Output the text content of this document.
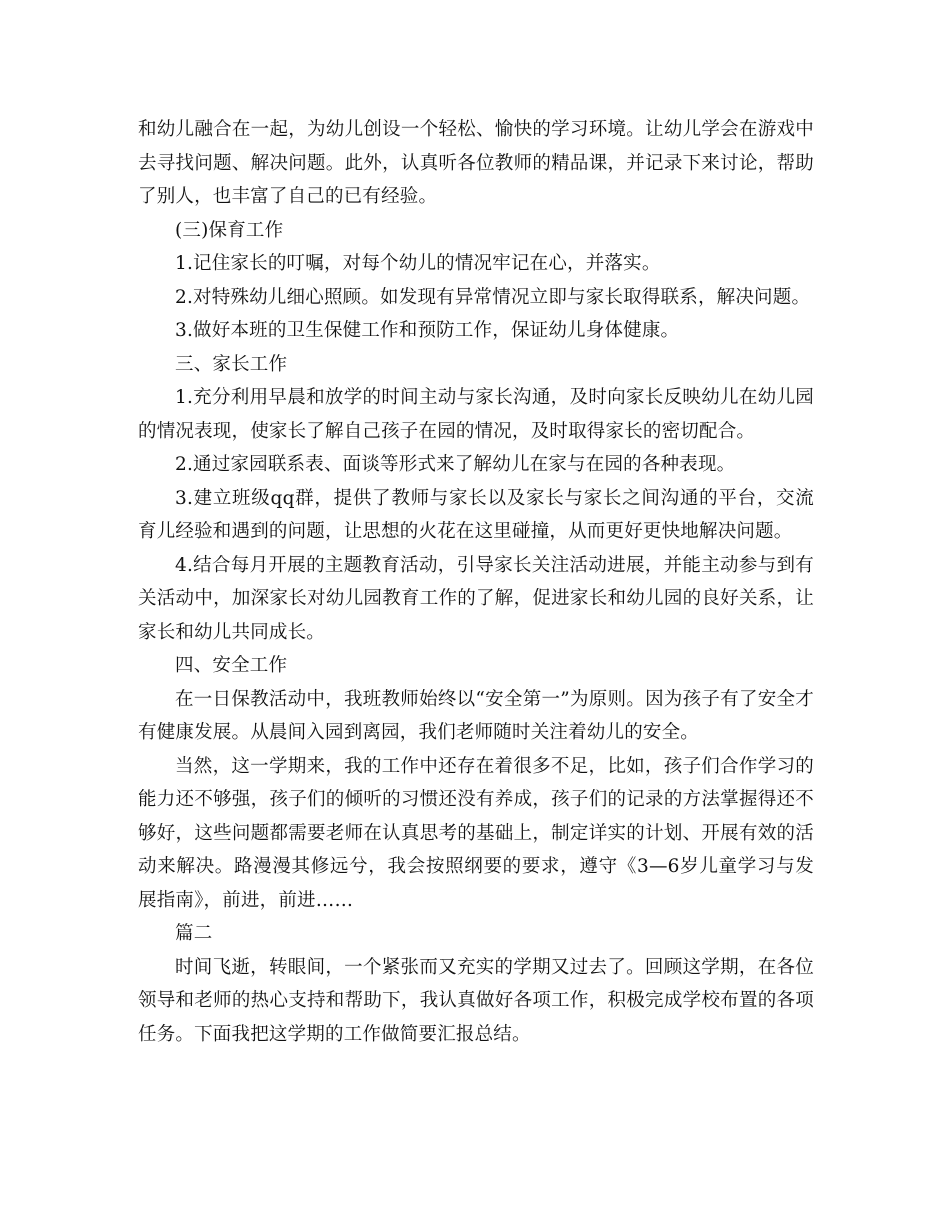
和幼儿融合在一起，为幼儿创设一个轻松、愉快的学习环境。让幼儿学会在游戏中去寻找问题、解决问题。此外，认真听各位教师的精品课，并记录下来讨论，帮助了别人，也丰富了自己的已有经验。

(三)保育工作

1.记住家长的叮嘱，对每个幼儿的情况牢记在心，并落实。

2.对特殊幼儿细心照顾。如发现有异常情况立即与家长取得联系，解决问题。

3.做好本班的卫生保健工作和预防工作，保证幼儿身体健康。

三、家长工作

1.充分利用早晨和放学的时间主动与家长沟通，及时向家长反映幼儿在幼儿园的情况表现，使家长了解自己孩子在园的情况，及时取得家长的密切配合。

2.通过家园联系表、面谈等形式来了解幼儿在家与在园的各种表现。

3.建立班级qq群，提供了教师与家长以及家长与家长之间沟通的平台，交流育儿经验和遇到的问题，让思想的火花在这里碰撞，从而更好更快地解决问题。

4.结合每月开展的主题教育活动，引导家长关注活动进展，并能主动参与到有关活动中，加深家长对幼儿园教育工作的了解，促进家长和幼儿园的良好关系，让家长和幼儿共同成长。

四、安全工作

在一日保教活动中，我班教师始终以“安全第一”为原则。因为孩子有了安全才有健康发展。从晨间入园到离园，我们老师随时关注着幼儿的安全。

当然，这一学期来，我的工作中还存在着很多不足，比如，孩子们合作学习的能力还不够强，孩子们的倾听的习惯还没有养成，孩子们的记录的方法掌握得还不够好，这些问题都需要老师在认真思考的基础上，制定详实的计划、开展有效的活动来解决。路漫漫其修远兮，我会按照纲要的要求，遵守《3—6岁儿童学习与发展指南》，前进，前进……

篇二

时间飞逝，转眼间，一个紧张而又充实的学期又过去了。回顾这学期，在各位领导和老师的热心支持和帮助下，我认真做好各项工作，积极完成学校布置的各项任务。下面我把这学期的工作做简要汇报总结。
